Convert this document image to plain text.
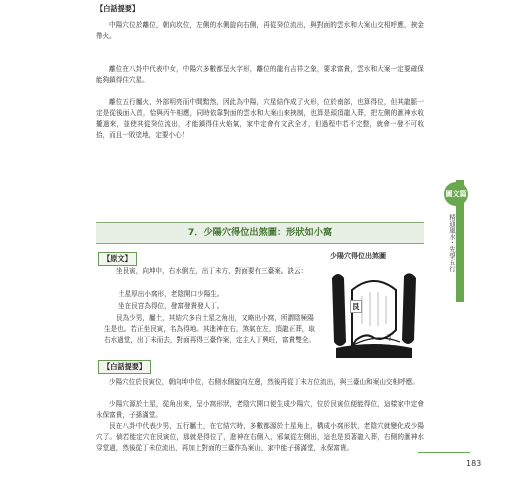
【白話提要】

中陽穴位於離位，朝向坎位，左側的水側旋向右側，再從癸位流出，與對面的雲水和大案山交相呼應，挾金帶火。

離位在八卦中代表中女，中陽穴多數都呈火字形，離位的龍有吉祥之象，要求富貴，雲水和大案一定要確保能夠鎮得住穴星。

離位五行屬火，外部明亮而中間黯然，因此為中陽，穴星結作成了火形，位於南部，也算得位，但其龍脈一定是從後面入首，恰與丙午相應，同時依靠對面的雲水和大案山來挾制，也算是頭頂龍入葬，把左側的滙神水收攏過來，並使其從癸位流出，才能鎮得住火焰氣，家中定會有文武全才，但過程中若不完整，就會一發不可收拾，而且一敗塗地，定要小心！

7．少陽穴得位出煞圖：形狀如小窩
【原文】

坐艮寅，向坤申，右水倒左，出丁未方，對面要有三臺案。訣云：

土星厚出小窩形，老陰開口少陽生。

坐在艮宮為得位，發富發貴發人丁。

艮為少男，屬土，其結穴多自土星之角出，又略出小窩，所謂陰極陽生是也。若正坐艮寅，名為得地。其進神在右，煞氣在左，頂龍正葬，取右水過堂，出丁未而去，對面再得三臺作案，定主人丁興旺，富貴雙全。

少陽穴得位出煞圖
艮
丁
【白話提要】

少陽穴位於艮寅位，朝向坤申位，右側水側旋向左邊，然後再從丁未方位流出，與三臺山和案山交相呼應。

少陽穴源於土星，從角出來，呈小窩形狀，老陰穴開口便生成少陽穴，位於艮寅位便能得位，這樣家中定會永保富貴，子孫滿堂。

艮在八卦中代表少男，五行屬土，在它結穴時，多數都源於土星角上，構成小窩形狀，老陰穴就變化成少陽穴了。倘若能定穴在艮寅位，那就是得位了，進神在右側入，邪氣從左側出，這也是頂著龍入葬，右側的滙神水穿堂過，然後從丁未位流出，再加上對面的三臺作為案山，家中能子孫滿堂，永保富貴。

圖文篇
精通風水・先學五行
183
